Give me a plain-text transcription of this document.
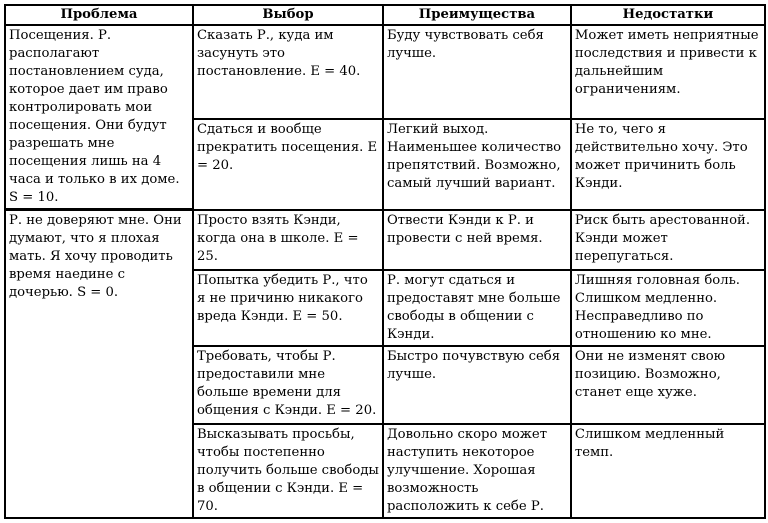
Проблема	Выбор	Преимущества	Недостатки
Посещения. Р. располагают постановлением суда, которое дает им право контролировать мои посещения. Они будут разрешать мне посещения лишь на 4 часа и только в их доме. S = 10.	Сказать Р., куда им засунуть это постановление. E = 40.	Буду чувствовать себя лучше.	Может иметь неприятные последствия и привести к дальнейшим ограничениям.
	Сдаться и вообще прекратить посещения. E = 20.	Легкий выход. Наименьшее количество препятствий. Возможно, самый лучший вариант.	Не то, чего я действительно хочу. Это может причинить боль Кэнди.
Р. не доверяют мне. Они думают, что я плохая мать. Я хочу проводить время наедине с дочерью. S = 0.	Просто взять Кэнди, когда она в школе. E = 25.	Отвести Кэнди к Р. и провести с ней время.	Риск быть арестованной. Кэнди может перепугаться.
	Попытка убедить Р., что я не причиню никакого вреда Кэнди. E = 50.	Р. могут сдаться и предоставят мне больше свободы в общении с Кэнди.	Лишняя головная боль. Слишком медленно. Несправедливо по отношению ко мне.
	Требовать, чтобы Р. предоставили мне больше времени для общения с Кэнди. E = 20.	Быстро почувствую себя лучше.	Они не изменят свою позицию. Возможно, станет еще хуже.
	Высказывать просьбы, чтобы постепенно получить больше свободы в общении с Кэнди. E = 70.	Довольно скоро может наступить некоторое улучшение. Хорошая возможность расположить к себе Р.	Слишком медленный темп.
